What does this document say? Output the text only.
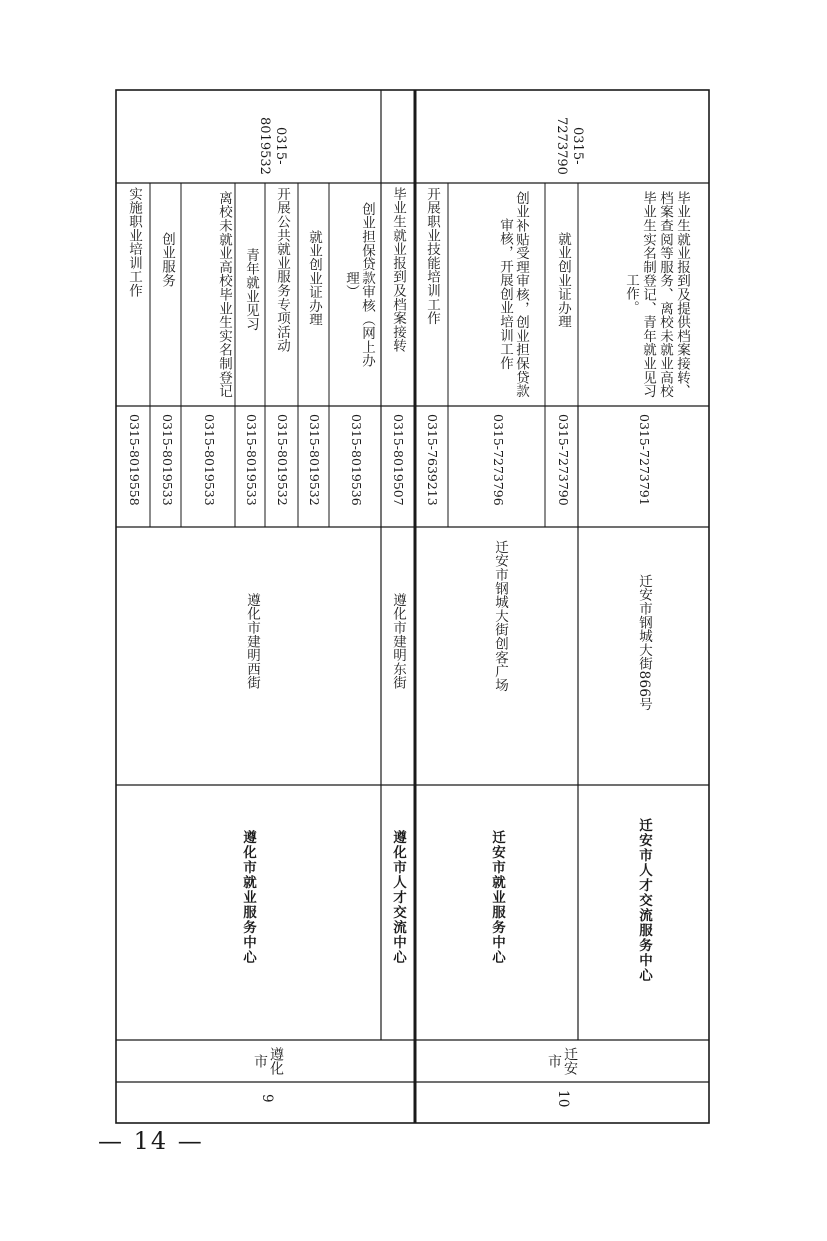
9
遵化市
遵化市就业服务中心
遵化市建明西街
0315-8019558
实施职业培训工作
0315-8019533
创业服务
0315-8019533
离校未就业高校毕业生实名制登记
0315-8019533
青年就业见习
0315-8019532
开展公共就业服务专项活动
0315-8019532
就业创业证办理
0315-8019536
创业担保贷款审核（网上办理）
遵化市人才交流中心
遵化市建明东街
0315-8019507
毕业生就业报到及档案接转
0315-8019532
10
迁安市
迁安市就业服务中心
迁安市钢城大街创客广场
0315-7639213
开展职业技能培训工作
0315-7273796
创业补贴受理审核，创业担保贷款审核，开展创业培训工作
0315-7273790
就业创业证办理
迁安市人才交流服务中心
迁安市钢城大街866号
0315-7273791
毕业生就业报到及提供档案接转、档案查阅等服务、离校未就业高校毕业生实名制登记、青年就业见习工作。
0315-7273790
— 14 —
